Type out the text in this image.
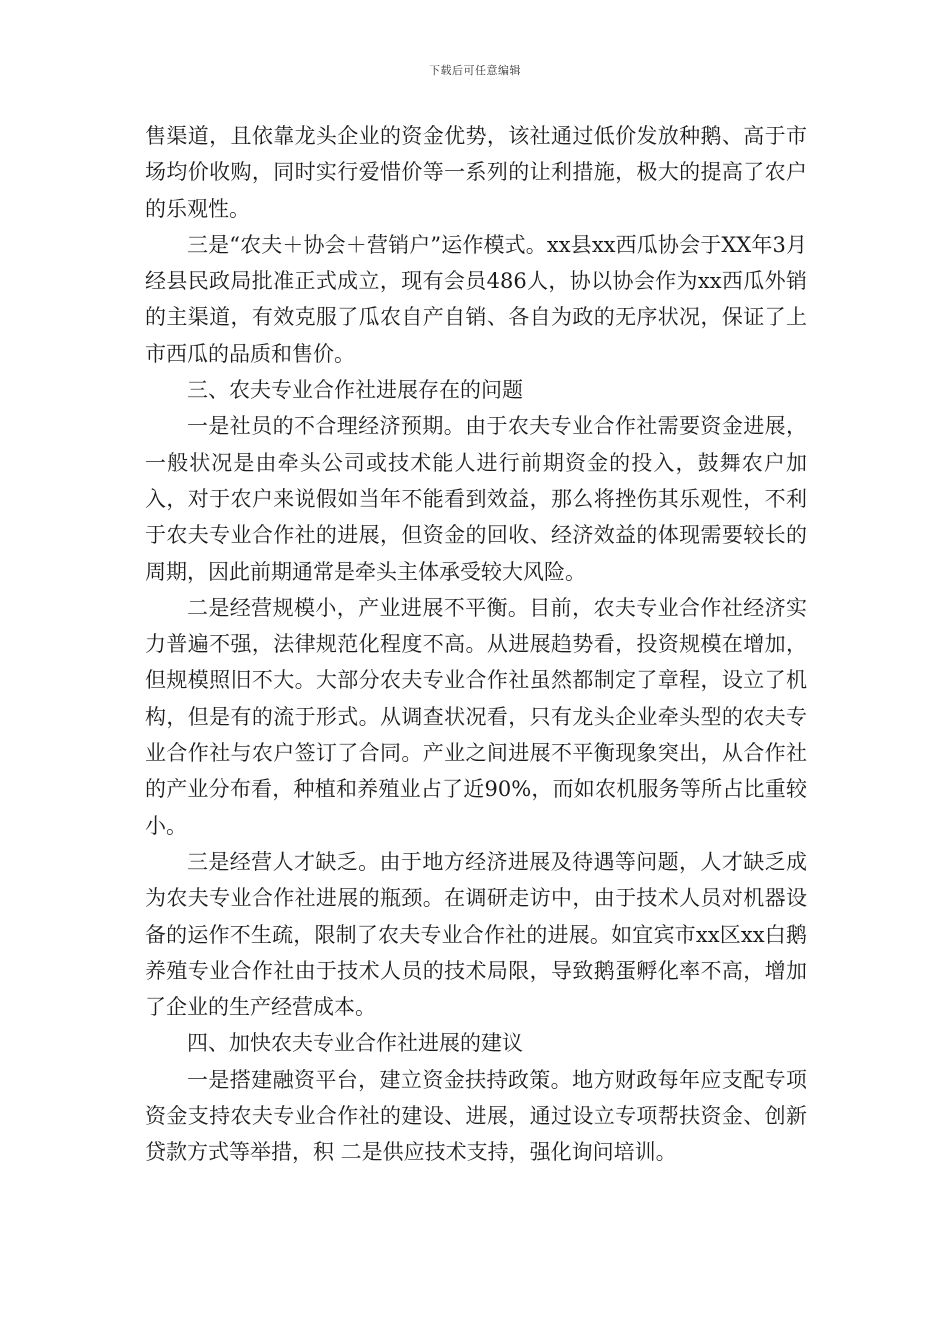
下载后可任意编辑

售渠道，且依靠龙头企业的资金优势，该社通过低价发放种鹅、高于市场均价收购，同时实行爱惜价等一系列的让利措施，极大的提高了农户的乐观性。

三是“农夫＋协会＋营销户”运作模式。xx县xx西瓜协会于XX年3月经县民政局批准正式成立，现有会员486人，协以协会作为xx西瓜外销的主渠道，有效克服了瓜农自产自销、各自为政的无序状况，保证了上市西瓜的品质和售价。

三、农夫专业合作社进展存在的问题

一是社员的不合理经济预期。由于农夫专业合作社需要资金进展，一般状况是由牵头公司或技术能人进行前期资金的投入，鼓舞农户加入，对于农户来说假如当年不能看到效益，那么将挫伤其乐观性，不利于农夫专业合作社的进展，但资金的回收、经济效益的体现需要较长的周期，因此前期通常是牵头主体承受较大风险。

二是经营规模小，产业进展不平衡。目前，农夫专业合作社经济实力普遍不强，法律规范化程度不高。从进展趋势看，投资规模在增加，但规模照旧不大。大部分农夫专业合作社虽然都制定了章程，设立了机构，但是有的流于形式。从调查状况看，只有龙头企业牵头型的农夫专业合作社与农户签订了合同。产业之间进展不平衡现象突出，从合作社的产业分布看，种植和养殖业占了近90%，而如农机服务等所占比重较小。

三是经营人才缺乏。由于地方经济进展及待遇等问题，人才缺乏成为农夫专业合作社进展的瓶颈。在调研走访中，由于技术人员对机器设备的运作不生疏，限制了农夫专业合作社的进展。如宜宾市xx区xx白鹅养殖专业合作社由于技术人员的技术局限，导致鹅蛋孵化率不高，增加了企业的生产经营成本。

四、加快农夫专业合作社进展的建议

一是搭建融资平台，建立资金扶持政策。地方财政每年应支配专项资金支持农夫专业合作社的建设、进展，通过设立专项帮扶资金、创新贷款方式等举措，积 二是供应技术支持，强化询问培训。
